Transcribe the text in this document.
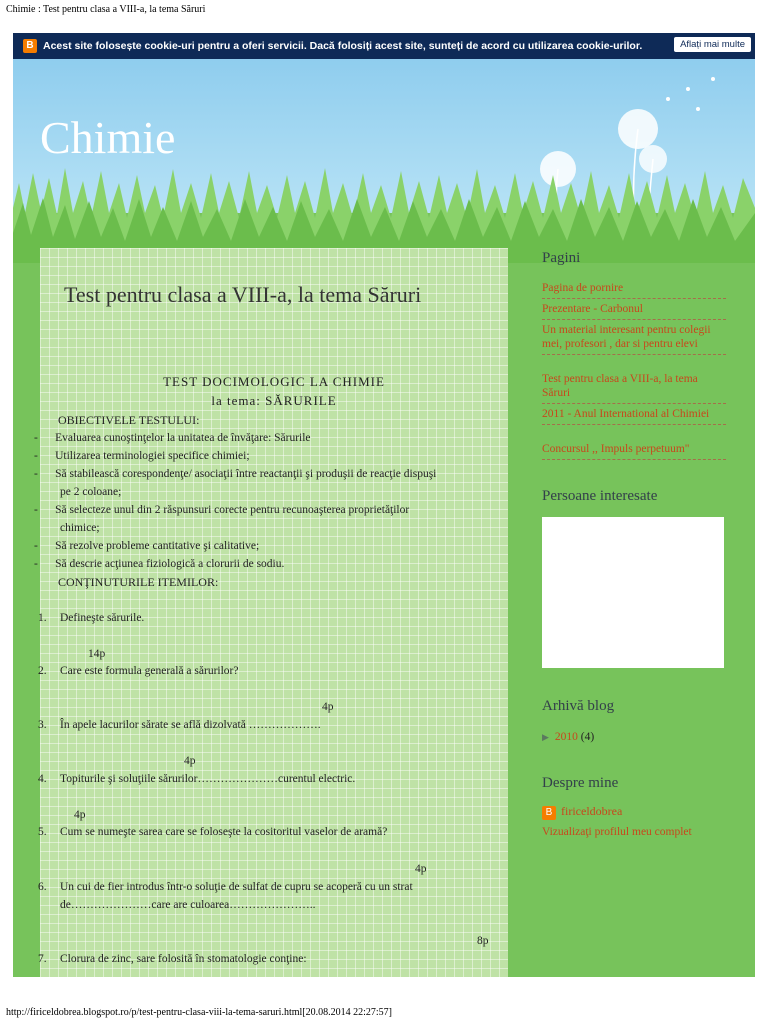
Chimie : Test pentru clasa a VIII-a, la tema Săruri
B Acest site folosește cookie-uri pentru a oferi servicii. Dacă folosiți acest site, sunteți de acord cu utilizarea cookie-urilor.	Aflați mai multe
Chimie
Test pentru clasa a VIII-a, la tema Săruri
TEST DOCIMOLOGIC LA CHIMIE
la tema: SĂRURILE
OBIECTIVELE TESTULUI:
-      Evaluarea cunoştinţelor la unitatea de învăţare: Sărurile
-      Utilizarea terminologiei specifice chimiei;
-      Să stabilească corespondenţe/ asociaţii între reactanţii şi produşii de reacţie dispuşi
pe 2 coloane;
-      Să selecteze unul din 2 răspunsuri corecte pentru recunoaşterea proprietăţilor
chimice;
-      Să rezolve probleme cantitative şi calitative;
-      Să descrie acţiunea fiziologică a clorurii de sodiu.
CONŢINUTURILE ITEMILOR:
1. Defineşte sărurile.
14p
2. Care este formula generală a sărurilor?
4p
3. În apele lacurilor sărate se află dizolvată ……………….
4p
4. Topiturile şi soluţiile sărurilor…………………curentul electric.
4p
5. Cum se numeşte sarea care se foloseşte la cositoritul vaselor de aramă?
4p
6. Un cui de fier introdus într-o soluţie de sulfat de cupru se acoperă cu un strat
de…………………care are culoarea…………………..
8p
7. Clorura de zinc, sare folosită în stomatologie conţine:
Pagini
Pagina de pornire
Prezentare - Carbonul
Un material interesant pentru colegii mei, profesori , dar si pentru elevi
Test pentru clasa a VIII-a, la tema Săruri
2011 - Anul International al Chimiei
Concursul ,, Impuls perpetuum"
Persoane interesate
Arhivă blog
▶ 2010 (4)
Despre mine
B firiceldobrea
Vizualizaţi profilul meu complet
http://firiceldobrea.blogspot.ro/p/test-pentru-clasa-viii-la-tema-saruri.html[20.08.2014 22:27:57]
